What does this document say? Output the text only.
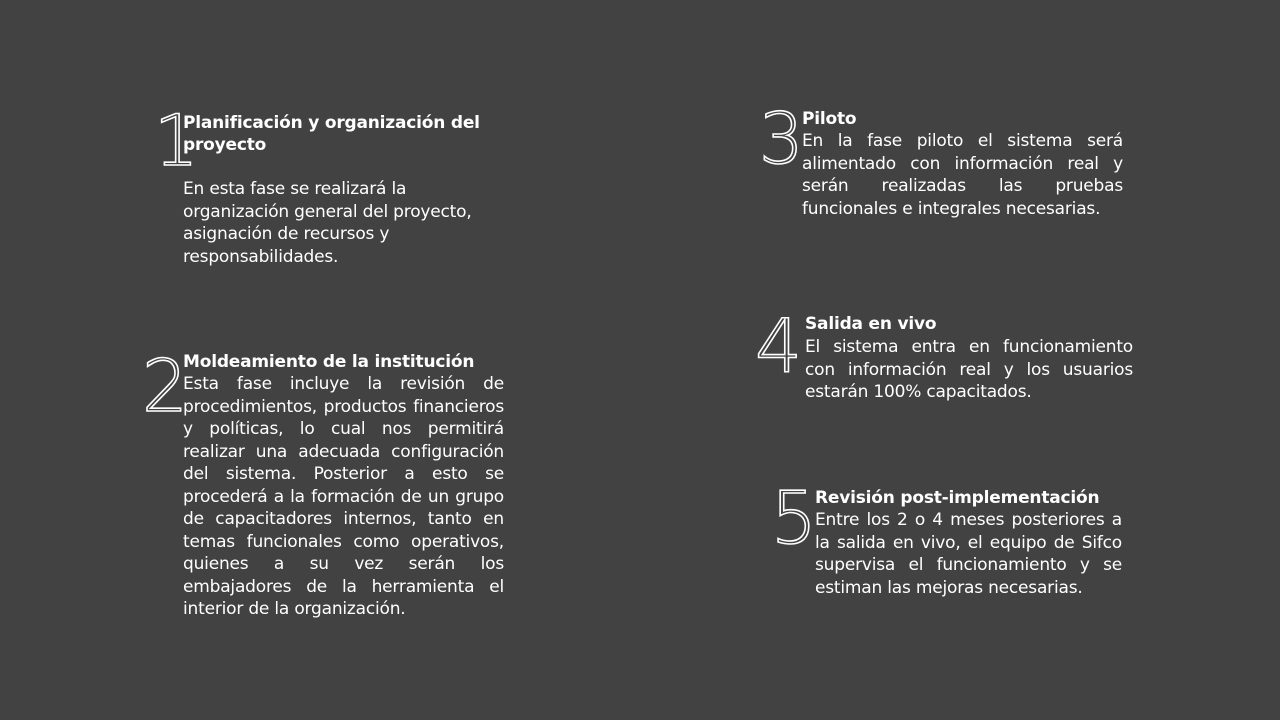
1
Planificación y organización del proyecto
En esta fase se realizará la organización general del proyecto, asignación de recursos y responsabilidades.
2
Moldeamiento de la institución
Esta fase incluye la revisión de procedimientos, productos financieros y políticas, lo cual nos permitirá realizar una adecuada configuración del sistema. Posterior a esto se procederá a la formación de un grupo de capacitadores internos, tanto en temas funcionales como operativos, quienes a su vez serán los embajadores de la herramienta el interior de la organización.
3
Piloto
En la fase piloto el sistema será alimentado con información real y serán realizadas las pruebas funcionales e integrales necesarias.
4 Salida en vivo
El sistema entra en funcionamiento con información real y los usuarios estarán 100% capacitados.
5
Revisión post-implementación
Entre los 2 o 4 meses posteriores a la salida en vivo, el equipo de Sifco supervisa el funcionamiento y se estiman las mejoras necesarias.
